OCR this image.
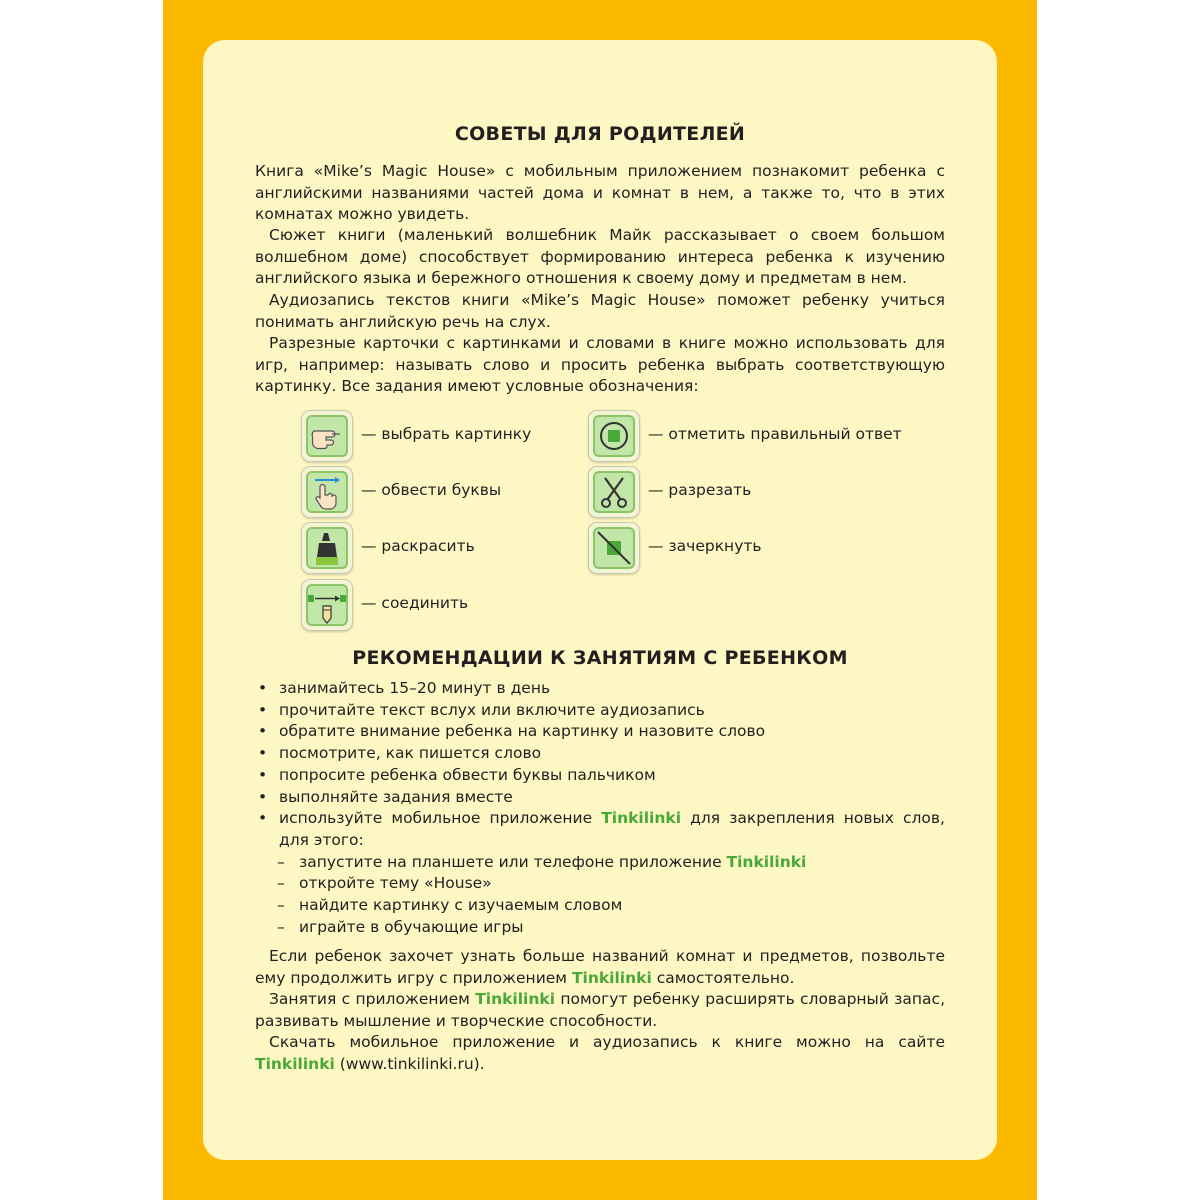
СОВЕТЫ ДЛЯ РОДИТЕЛЕЙ

Книга «Mike’s Magic House» с мобильным приложением познакомит ребенка с английскими названиями частей дома и комнат в нем, а также то, что в этих комнатах можно увидеть.

Сюжет книги (маленький волшебник Майк рассказывает о своем большом волшебном доме) способствует формированию интереса ребенка к изучению английского языка и бережного отношения к своему дому и предметам в нем.

Аудиозапись текстов книги «Mike’s Magic House» поможет ребенку учиться понимать английскую речь на слух.

Разрезные карточки с картинками и словами в книге можно использовать для игр, например: называть слово и просить ребенка выбрать соответствующую картинку. Все задания имеют условные обозначения:

— выбрать картинку
— обвести буквы
— раскрасить
— соединить
— отметить правильный ответ
— разрезать
— зачеркнуть
РЕКОМЕНДАЦИИ К ЗАНЯТИЯМ С РЕБЕНКОМ
• занимайтесь 15–20 минут в день
• прочитайте текст вслух или включите аудиозапись
• обратите внимание ребенка на картинку и назовите слово
• посмотрите, как пишется слово
• попросите ребенка обвести буквы пальчиком
• выполняйте задания вместе
• используйте мобильное приложение Tinkilinki для закрепления новых слов, для этого:
– запустите на планшете или телефоне приложение Tinkilinki
– откройте тему «House»
– найдите картинку с изучаемым словом
– играйте в обучающие игры

Если ребенок захочет узнать больше названий комнат и предметов, позвольте ему продолжить игру с приложением Tinkilinki самостоятельно.

Занятия с приложением Tinkilinki помогут ребенку расширять словарный запас, развивать мышление и творческие способности.

Скачать мобильное приложение и аудиозапись к книге можно на сайте Tinkilinki (www.tinkilinki.ru).
